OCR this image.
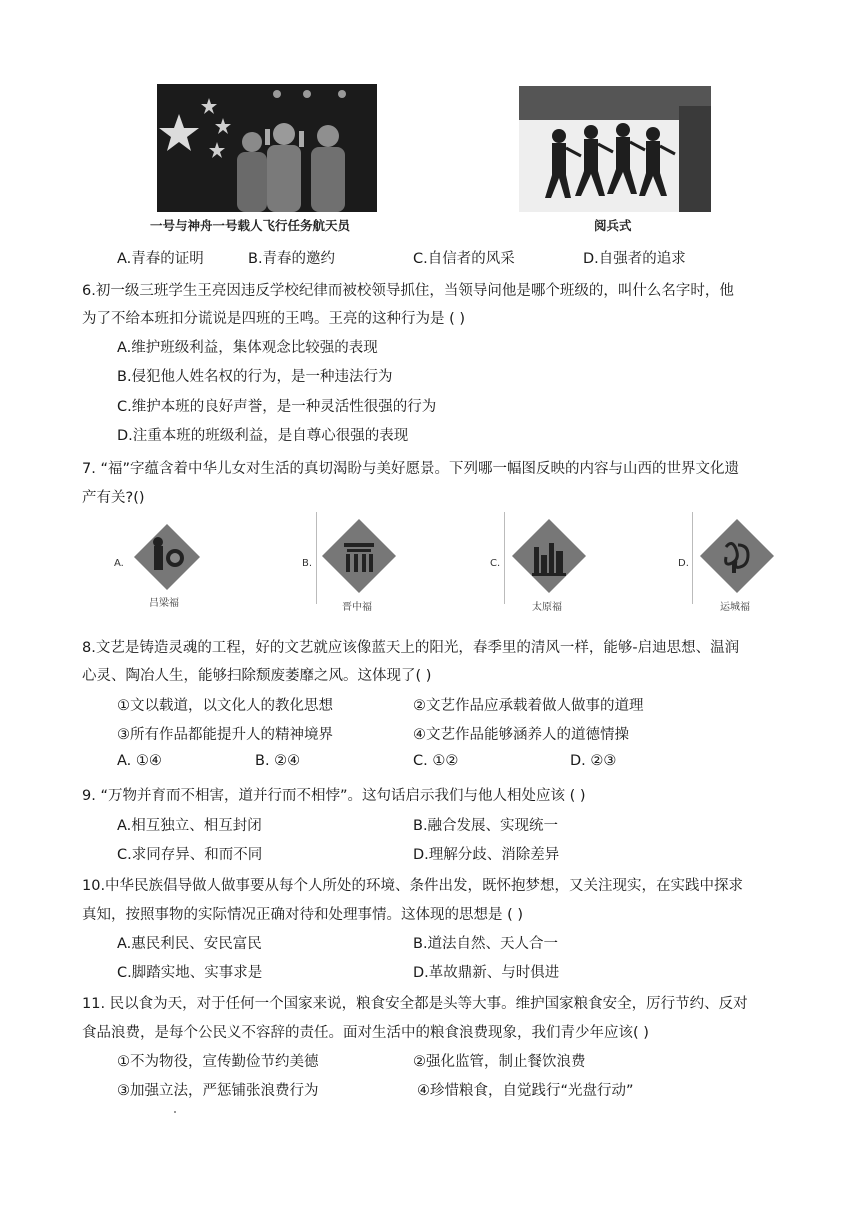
一号与神舟一号载人飞行任务航天员	阅兵式
A.青春的证明	B.青春的邀约	C.自信者的风采	D.自强者的追求
6.初一级三班学生王亮因违反学校纪律而被校领导抓住，当领导问他是哪个班级的，叫什么名字时，他
为了不给本班扣分谎说是四班的王鸣。王亮的这种行为是 ( )
A.维护班级利益，集体观念比较强的表现
B.侵犯他人姓名权的行为，是一种违法行为
C.维护本班的良好声誉，是一种灵活性很强的行为
D.注重本班的班级利益，是自尊心很强的表现
7. “福”字蕴含着中华儿女对生活的真切渴盼与美好愿景。下列哪一幅图反映的内容与山西的世界文化遗
产有关?()
A.
吕梁福
B.
晋中福
C.
太原福
D.
运城福
8.文艺是铸造灵魂的工程，好的文艺就应该像蓝天上的阳光，春季里的清风一样，能够-启迪思想、温润
心灵、陶冶人生，能够扫除颓废萎靡之风。这体现了( )
①文以载道，以文化人的教化思想	②文艺作品应承载着做人做事的道理
③所有作品都能提升人的精神境界	④文艺作品能够涵养人的道德情操
A. ①④	B. ②④	C. ①②	D. ②③
9. “万物并育而不相害，道并行而不相悖”。这句话启示我们与他人相处应该 ( )
A.相互独立、相互封闭	B.融合发展、实现统一
C.求同存异、和而不同	D.理解分歧、消除差异
10.中华民族倡导做人做事要从每个人所处的环境、条件出发，既怀抱梦想，又关注现实，在实践中探求
真知，按照事物的实际情况正确对待和处理事情。这体现的思想是 ( )
A.惠民利民、安民富民	B.道法自然、天人合一
C.脚踏实地、实事求是	D.革故鼎新、与时俱进
11. 民以食为天，对于任何一个国家来说，粮食安全都是头等大事。维护国家粮食安全，厉行节约、反对
食品浪费，是每个公民义不容辞的责任。面对生活中的粮食浪费现象，我们青少年应该( )
①不为物役，宣传勤俭节约美德	②强化监管，制止餐饮浪费
③加强立法，严惩铺张浪费行为	④珍惜粮食，自觉践行“光盘行动”
